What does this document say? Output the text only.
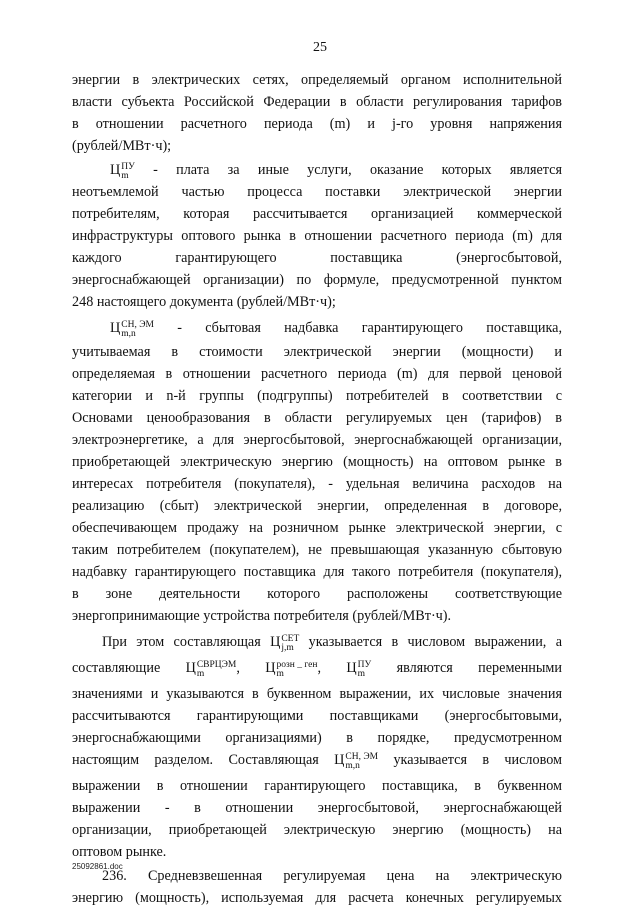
25
энергии в электрических сетях, определяемый органом исполнительной
власти субъекта Российской Федерации в области регулирования тарифов
в отношении расчетного периода (m) и j-го уровня напряжения
(рублей/МВт·ч);
Ц ПУ
m - плата за иные услуги, оказание которых является
неотъемлемой частью процесса поставки электрической энергии
потребителям, которая рассчитывается организацией коммерческой
инфраструктуры оптового рынка в отношении расчетного периода (m) для
каждого гарантирующего поставщика (энергосбытовой,
энергоснабжающей организации) по формуле, предусмотренной пунктом
248 настоящего документа (рублей/МВт·ч);
Ц СН, ЭМ
m,n	- сбытовая надбавка гарантирующего поставщика,
учитываемая в стоимости электрической энергии (мощности) и
определяемая в отношении расчетного периода (m) для первой ценовой
категории и n-й группы (подгруппы) потребителей в соответствии с
Основами ценообразования в области регулируемых цен (тарифов) в
электроэнергетике, а для энергосбытовой, энергоснабжающей организации,
приобретающей электрическую энергию (мощность) на оптовом рынке в
интересах потребителя (покупателя), - удельная величина расходов на
реализацию (сбыт) электрической энергии, определенная в договоре,
обеспечивающем продажу на розничном рынке электрической энергии, с
таким потребителем (покупателем), не превышающая указанную сбытовую
надбавку гарантирующего поставщика для такого потребителя (покупателя),
в зоне деятельности которого расположены соответствующие
энергопринимающие устройства потребителя (рублей/МВт·ч).
При этом составляющая Ц СЕТ
j,m указывается в числовом выражении, а
составляющие Ц СВРЦЭМ
m	, Ц розн _ ген
m	, Ц ПУ
m являются переменными
значениями и указываются в буквенном выражении, их числовые значения
рассчитываются гарантирующими поставщиками (энергосбытовыми,
энергоснабжающими организациями) в порядке, предусмотренном
настоящим разделом. Составляющая Ц СН, ЭМ
m,n	указывается в числовом
выражении в отношении гарантирующего поставщика, в буквенном
выражении - в отношении энергосбытовой, энергоснабжающей
организации, приобретающей электрическую энергию (мощность) на
оптовом рынке.
236. Средневзвешенная регулируемая цена на электрическую
энергию (мощность), используемая для расчета конечных регулируемых
25092861.doc
